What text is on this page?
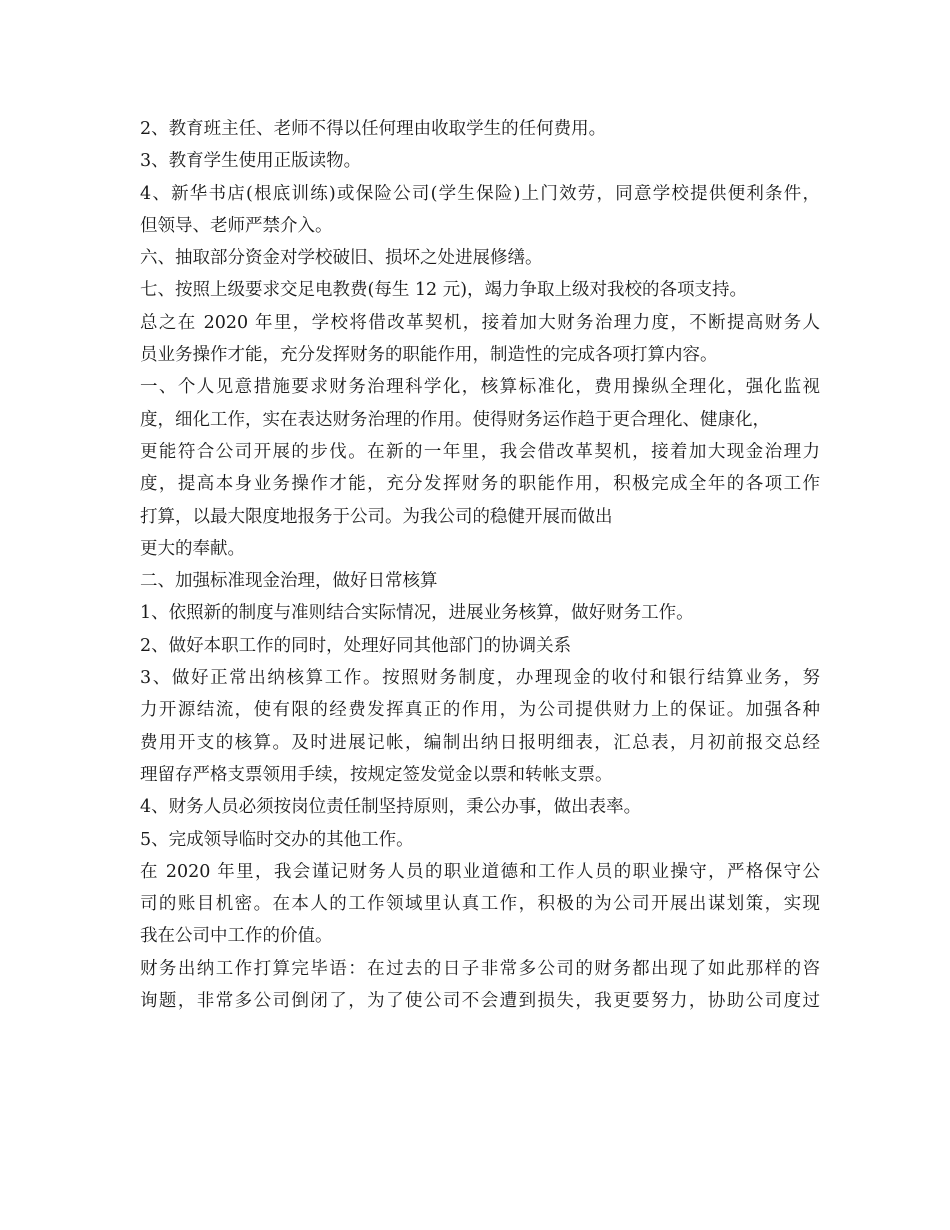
2、教育班主任、老师不得以任何理由收取学生的任何费用。
3、教育学生使用正版读物。
4、新华书店(根底训练)或保险公司(学生保险)上门效劳，同意学校提供便利条件，
但领导、老师严禁介入。
六、抽取部分资金对学校破旧、损坏之处进展修缮。
七、按照上级要求交足电教费(每生 12 元)，竭力争取上级对我校的各项支持。
总之在 2020 年里，学校将借改革契机，接着加大财务治理力度，不断提高财务人
员业务操作才能，充分发挥财务的职能作用，制造性的完成各项打算内容。
一、个人见意措施要求财务治理科学化，核算标准化，费用操纵全理化，强化监视
度，细化工作，实在表达财务治理的作用。使得财务运作趋于更合理化、健康化，
更能符合公司开展的步伐。在新的一年里，我会借改革契机，接着加大现金治理力
度，提高本身业务操作才能，充分发挥财务的职能作用，积极完成全年的各项工作
打算，以最大限度地报务于公司。为我公司的稳健开展而做出
更大的奉献。
二、加强标准现金治理，做好日常核算
1、依照新的制度与准则结合实际情况，进展业务核算，做好财务工作。
2、做好本职工作的同时，处理好同其他部门的协调关系
3、做好正常出纳核算工作。按照财务制度，办理现金的收付和银行结算业务，努
力开源结流，使有限的经费发挥真正的作用，为公司提供财力上的保证。加强各种
费用开支的核算。及时进展记帐，编制出纳日报明细表，汇总表，月初前报交总经
理留存严格支票领用手续，按规定签发觉金以票和转帐支票。
4、财务人员必须按岗位责任制坚持原则，秉公办事，做出表率。
5、完成领导临时交办的其他工作。
在 2020 年里，我会谨记财务人员的职业道德和工作人员的职业操守，严格保守公
司的账目机密。在本人的工作领域里认真工作，积极的为公司开展出谋划策，实现
我在公司中工作的价值。
财务出纳工作打算完毕语：在过去的日子非常多公司的财务都出现了如此那样的咨
询题，非常多公司倒闭了，为了使公司不会遭到损失，我更要努力，协助公司度过
